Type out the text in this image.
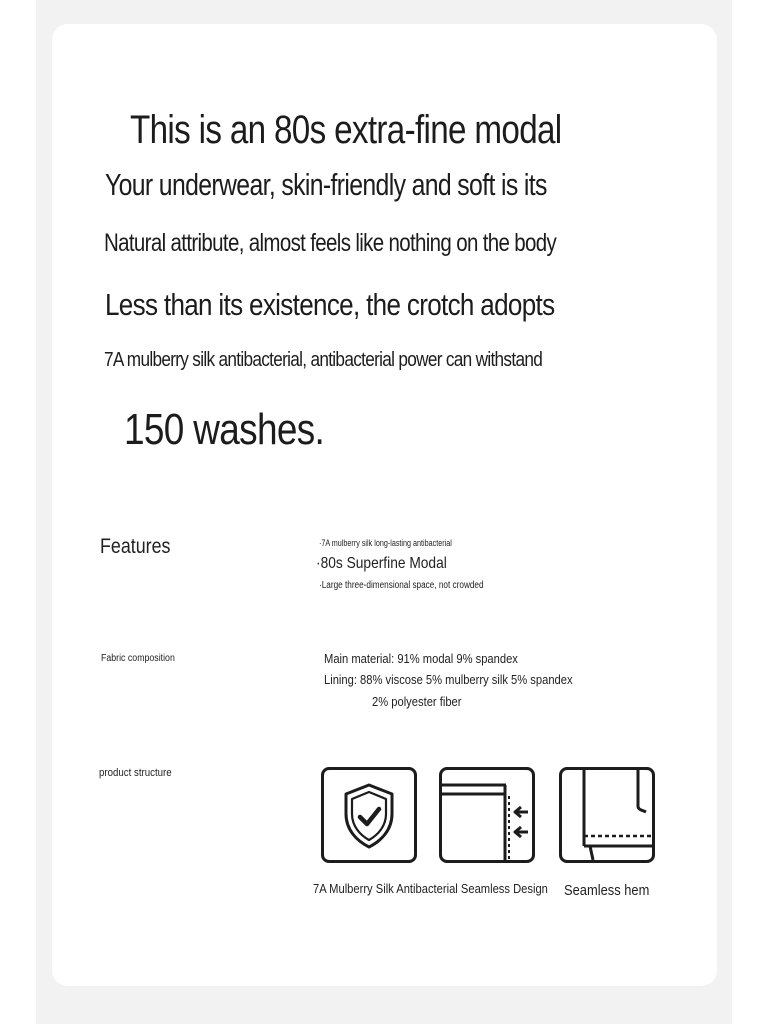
This is an 80s extra-fine modal
Your underwear, skin-friendly and soft is its
Natural attribute, almost feels like nothing on the body
Less than its existence, the crotch adopts
7A mulberry silk antibacterial, antibacterial power can withstand
150 washes.
Features	·7A mulberry silk long-lasting antibacterial
·80s Superfine Modal
·Large three-dimensional space, not crowded
Fabric composition	Main material: 91% modal 9% spandex
Lining: 88% viscose 5% mulberry silk 5% spandex
2% polyester fiber
product structure
7A Mulberry Silk Antibacterial Seamless Design Seamless hem
